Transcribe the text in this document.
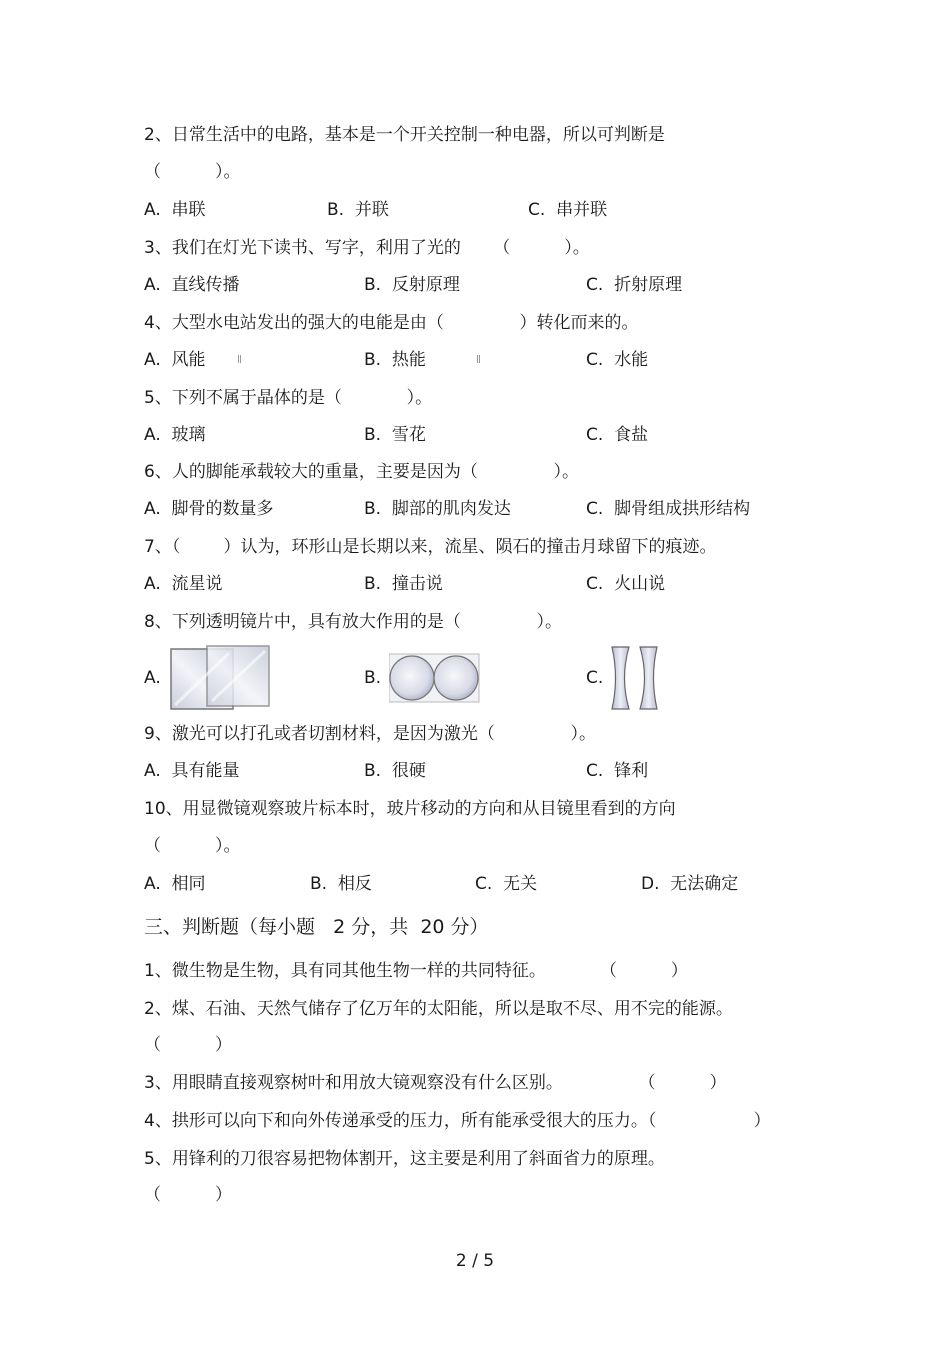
2、日常生活中的电路，基本是一个开关控制一种电器，所以可判断是
（          ）。
A.  串联	B.  并联	C.  串并联
3、我们在灯光下读书、写字，利用了光的      （          ）。
A.  直线传播	B.  反射原理	C.  折射原理
4、大型水电站发出的强大的电能是由（              ）转化而来的。
A.  风能	B.  热能	C.  水能
5、下列不属于晶体的是（            ）。
A.  玻璃	B.  雪花	C.  食盐
6、人的脚能承载较大的重量，主要是因为（              ）。
A.  脚骨的数量多	B.  脚部的肌肉发达	C.  脚骨组成拱形结构
7、（        ）认为，环形山是长期以来，流星、陨石的撞击月球留下的痕迹。
A.  流星说	B.  撞击说	C.  火山说
8、下列透明镜片中，具有放大作用的是（              ）。
A.	B.	C.
9、激光可以打孔或者切割材料，是因为激光（              ）。
A.  具有能量	B.  很硬	C.  锋利
10、用显微镜观察玻片标本时，玻片移动的方向和从目镜里看到的方向
（          ）。
A.  相同	B.  相反	C.  无关	D.  无法确定
三、判断题（每小题   2 分，共  20 分）
1、微生物是生物，具有同其他生物一样的共同特征。          （          ）
2、煤、石油、天然气储存了亿万年的太阳能，所以是取不尽、用不完的能源。
（          ）
3、用眼睛直接观察树叶和用放大镜观察没有什么区别。              （          ）
4、拱形可以向下和向外传递承受的压力，所有能承受很大的压力。（                  ）
5、用锋利的刀很容易把物体割开，这主要是利用了斜面省力的原理。
（          ）
2 / 5
